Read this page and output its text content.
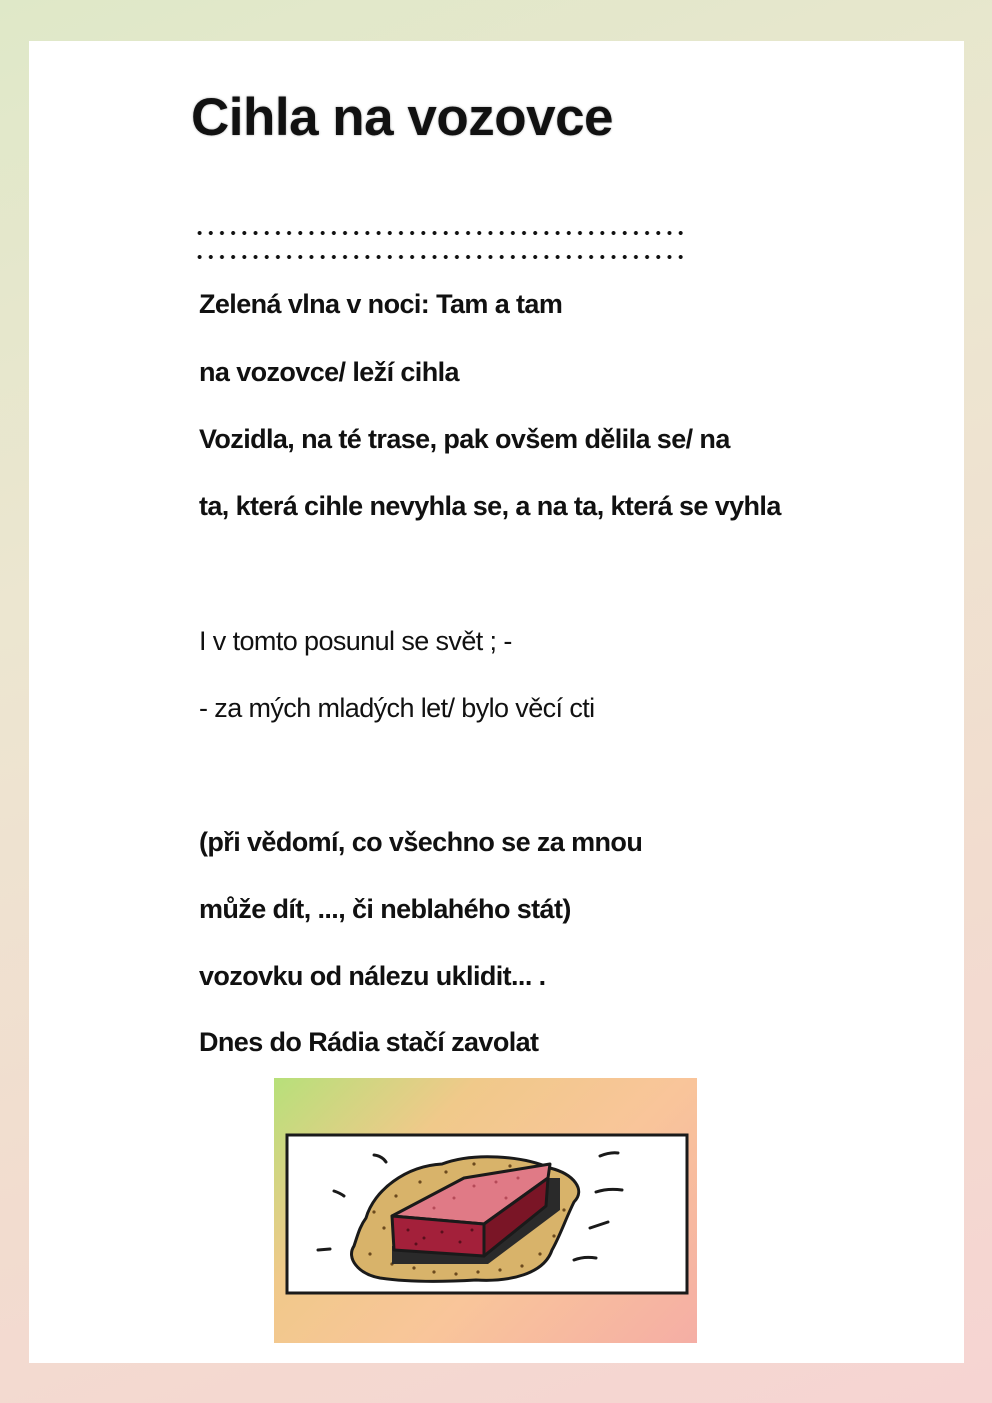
Cihla na vozovce

Zelená vlna v noci: Tam a tam

na vozovce/ leží cihla

Vozidla, na té trase, pak ovšem dělila se/ na

ta, která cihle nevyhla se, a na ta, která se vyhla

I v tomto posunul se svět ; -

- za mých mladých let/ bylo věcí cti

(při vědomí, co všechno se za mnou

může dít, ..., či neblahého stát)

vozovku od nálezu uklidit... .

Dnes do Rádia stačí zavolat
